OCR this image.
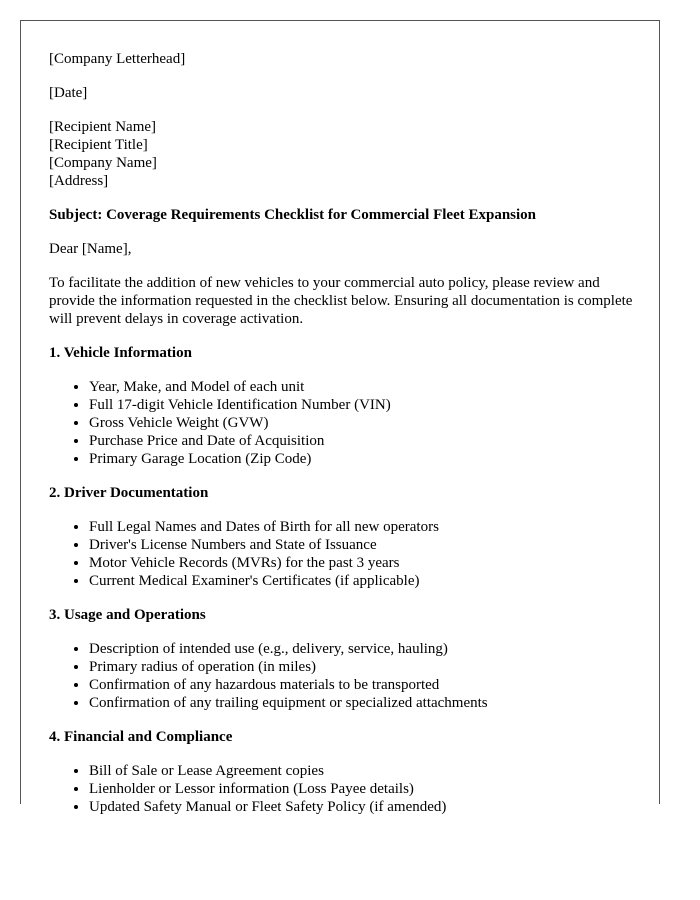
[Company Letterhead]

[Date]

[Recipient Name]
[Recipient Title]
[Company Name]
[Address]

Subject: Coverage Requirements Checklist for Commercial Fleet Expansion

Dear [Name],

To facilitate the addition of new vehicles to your commercial auto policy, please review and provide the information requested in the checklist below. Ensuring all documentation is complete will prevent delays in coverage activation.

1. Vehicle Information
• Year, Make, and Model of each unit
• Full 17-digit Vehicle Identification Number (VIN)
• Gross Vehicle Weight (GVW)
• Purchase Price and Date of Acquisition
• Primary Garage Location (Zip Code)
2. Driver Documentation
• Full Legal Names and Dates of Birth for all new operators
• Driver's License Numbers and State of Issuance
• Motor Vehicle Records (MVRs) for the past 3 years
• Current Medical Examiner's Certificates (if applicable)
3. Usage and Operations
• Description of intended use (e.g., delivery, service, hauling)
• Primary radius of operation (in miles)
• Confirmation of any hazardous materials to be transported
• Confirmation of any trailing equipment or specialized attachments
4. Financial and Compliance
• Bill of Sale or Lease Agreement copies
• Lienholder or Lessor information (Loss Payee details)
• Updated Safety Manual or Fleet Safety Policy (if amended)
